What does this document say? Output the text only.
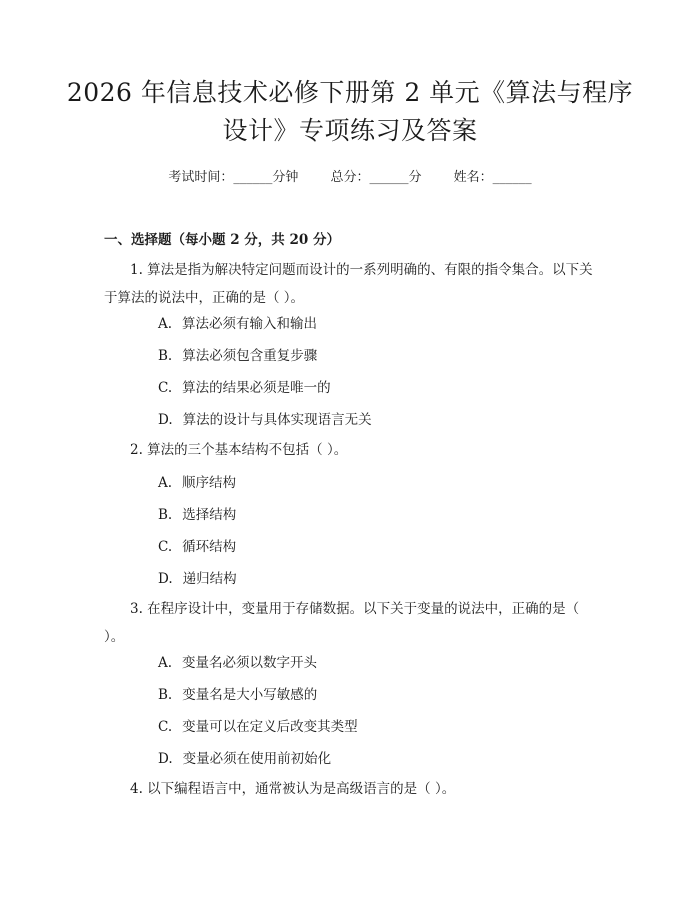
2026 年信息技术必修下册第 2 单元《算法与程序设计》专项练习及答案
考试时间：______分钟 总分：______分 姓名：______
一、选择题（每小题 2 分，共 20 分）
1. 算法是指为解决特定问题而设计的一系列明确的、有限的指令集合。以下关于算法的说法中，正确的是（ ）。
A. 算法必须有输入和输出
B. 算法必须包含重复步骤
C. 算法的结果必须是唯一的
D. 算法的设计与具体实现语言无关
2. 算法的三个基本结构不包括（ ）。
A. 顺序结构
B. 选择结构
C. 循环结构
D. 递归结构
3. 在程序设计中，变量用于存储数据。以下关于变量的说法中，正确的是（ ）。
A. 变量名必须以数字开头
B. 变量名是大小写敏感的
C. 变量可以在定义后改变其类型
D. 变量必须在使用前初始化
4. 以下编程语言中，通常被认为是高级语言的是（ ）。
